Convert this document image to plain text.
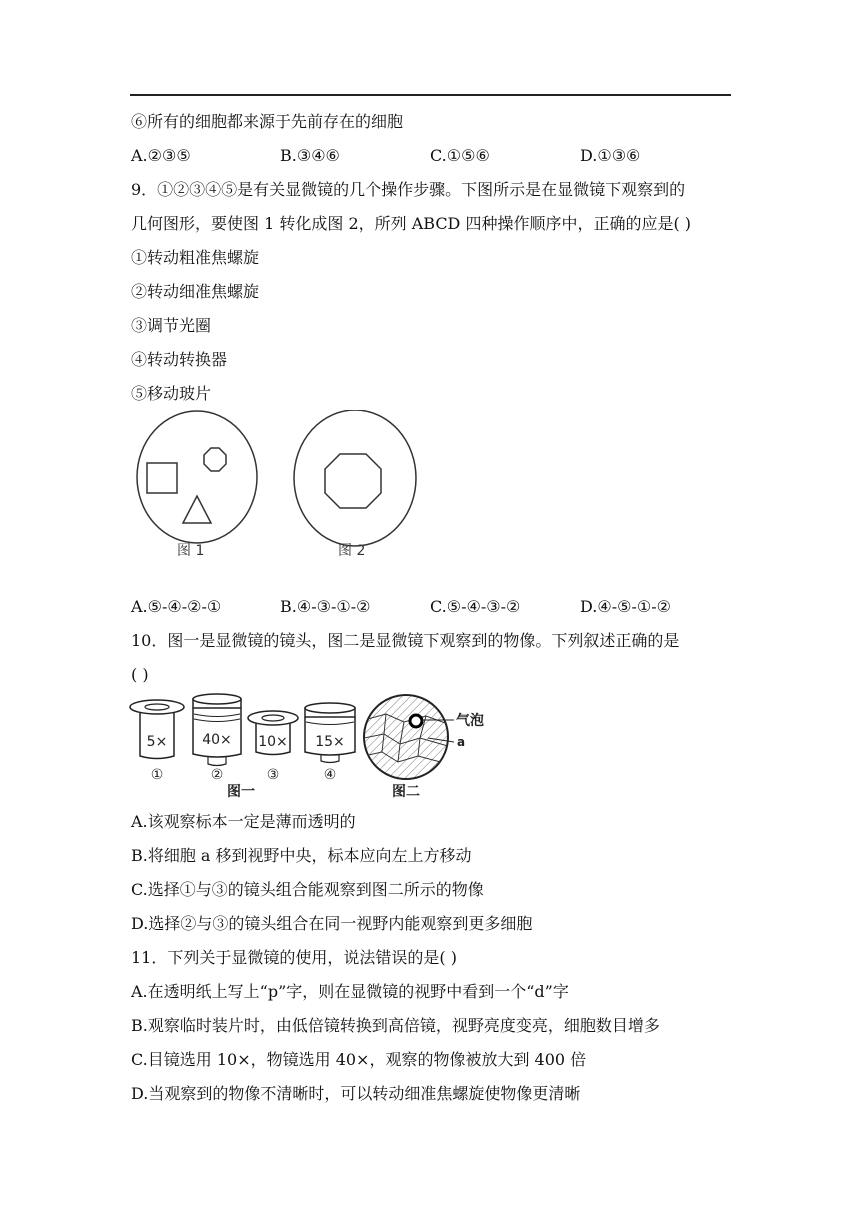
⑥所有的细胞都来源于先前存在的细胞
A.②③⑤	B.③④⑥	C.①⑤⑥	D.①③⑥
9．①②③④⑤是有关显微镜的几个操作步骤。下图所示是在显微镜下观察到的
几何图形，要使图 1 转化成图 2，所列 ABCD 四种操作顺序中，正确的应是( )
①转动粗准焦螺旋
②转动细准焦螺旋
③调节光圈
④转动转换器
⑤移动玻片
图 1	图 2
A.⑤-④-②-①	B.④-③-①-②	C.⑤-④-③-②	D.④-⑤-①-②
10．图一是显微镜的镜头，图二是显微镜下观察到的物像。下列叙述正确的是
( )
5×
①
40×
②
10×
③
15×
④
图一
气泡
a
图二
A.该观察标本一定是薄而透明的
B.将细胞 a 移到视野中央，标本应向左上方移动
C.选择①与③的镜头组合能观察到图二所示的物像
D.选择②与③的镜头组合在同一视野内能观察到更多细胞
11．下列关于显微镜的使用，说法错误的是( )
A.在透明纸上写上“p”字，则在显微镜的视野中看到一个“d”字
B.观察临时装片时，由低倍镜转换到高倍镜，视野亮度变亮，细胞数目增多
C.目镜选用 10×，物镜选用 40×，观察的物像被放大到 400 倍
D.当观察到的物像不清晰时，可以转动细准焦螺旋使物像更清晰
